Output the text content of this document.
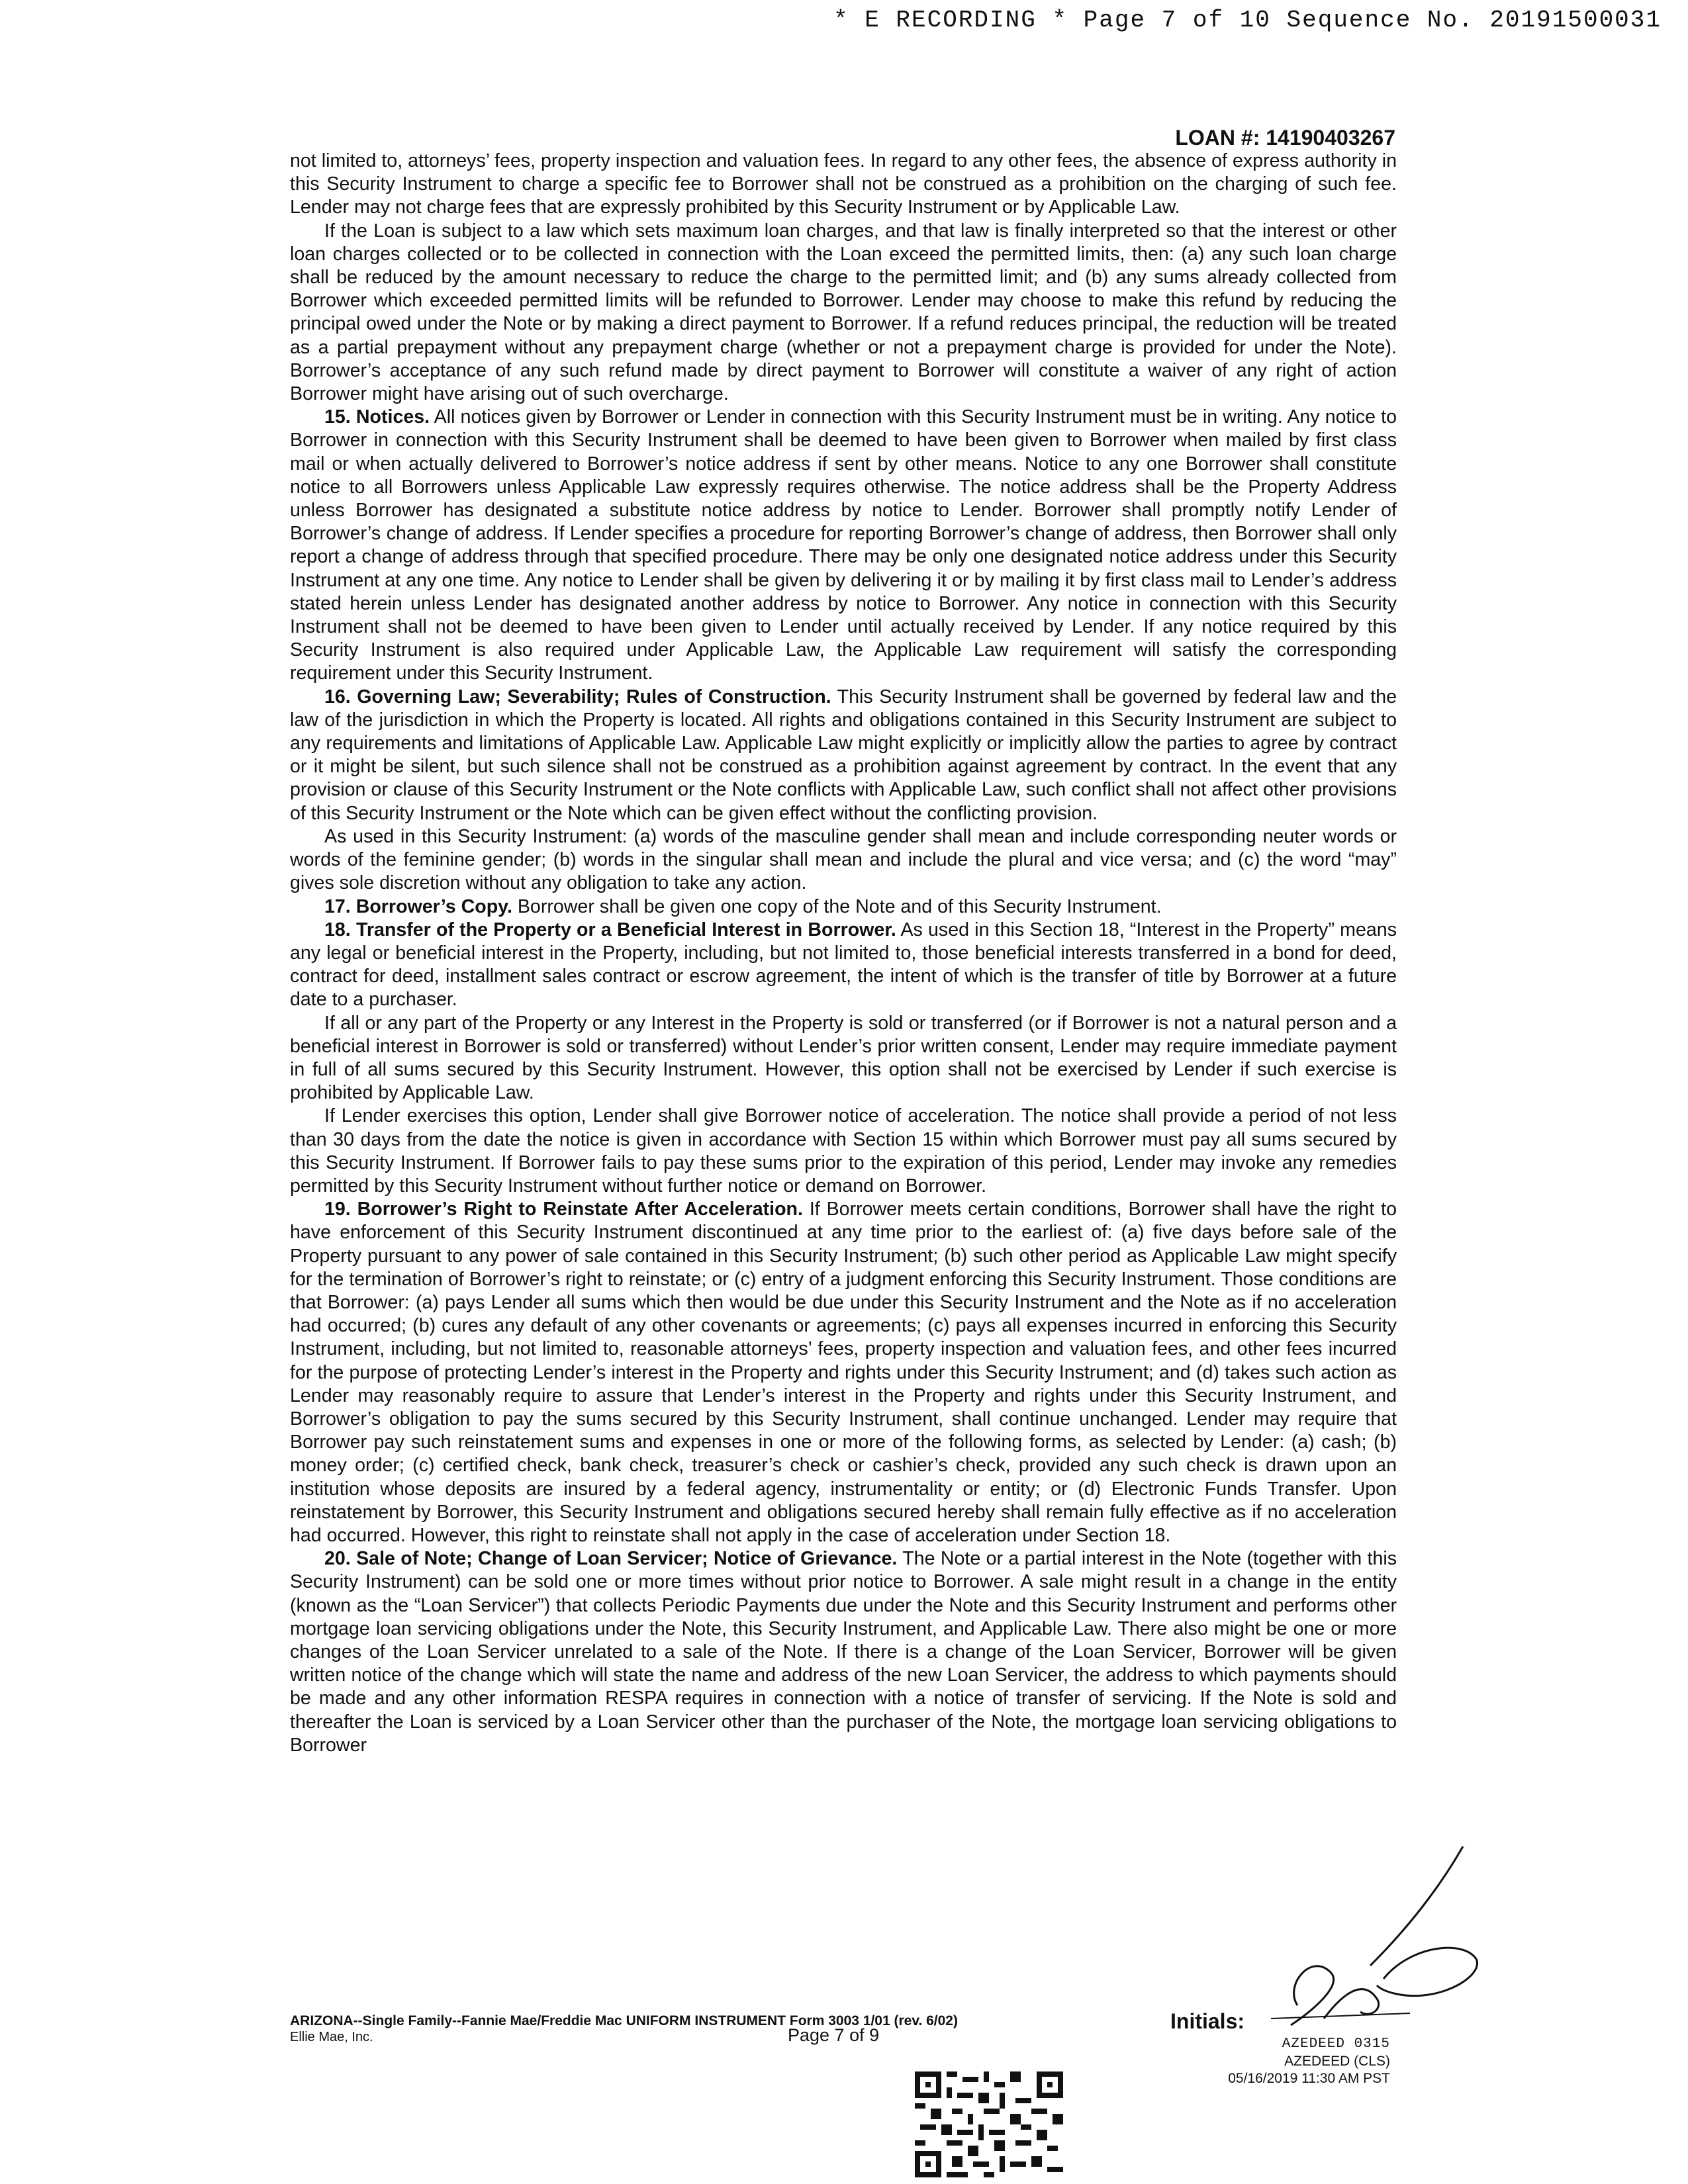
* E RECORDING * Page 7 of 10 Sequence No. 20191500031
LOAN #: 14190403267

not limited to, attorneys’ fees, property inspection and valuation fees. In regard to any other fees, the absence of express authority in this Security Instrument to charge a specific fee to Borrower shall not be construed as a prohibition on the charging of such fee. Lender may not charge fees that are expressly prohibited by this Security Instrument or by Applicable Law.

If the Loan is subject to a law which sets maximum loan charges, and that law is finally interpreted so that the interest or other loan charges collected or to be collected in connection with the Loan exceed the permitted limits, then: (a) any such loan charge shall be reduced by the amount necessary to reduce the charge to the permitted limit; and (b) any sums already collected from Borrower which exceeded permitted limits will be refunded to Borrower. Lender may choose to make this refund by reducing the principal owed under the Note or by making a direct payment to Borrower. If a refund reduces principal, the reduction will be treated as a partial prepayment without any prepayment charge (whether or not a prepayment charge is provided for under the Note). Borrower’s acceptance of any such refund made by direct payment to Borrower will constitute a waiver of any right of action Borrower might have arising out of such overcharge.

15. Notices. All notices given by Borrower or Lender in connection with this Security Instrument must be in writing. Any notice to Borrower in connection with this Security Instrument shall be deemed to have been given to Borrower when mailed by first class mail or when actually delivered to Borrower’s notice address if sent by other means. Notice to any one Borrower shall constitute notice to all Borrowers unless Applicable Law expressly requires otherwise. The notice address shall be the Property Address unless Borrower has designated a substitute notice address by notice to Lender. Borrower shall promptly notify Lender of Borrower’s change of address. If Lender specifies a procedure for reporting Borrower’s change of address, then Borrower shall only report a change of address through that specified procedure. There may be only one designated notice address under this Security Instrument at any one time. Any notice to Lender shall be given by delivering it or by mailing it by first class mail to Lender’s address stated herein unless Lender has designated another address by notice to Borrower. Any notice in connection with this Security Instrument shall not be deemed to have been given to Lender until actually received by Lender. If any notice required by this Security Instrument is also required under Applicable Law, the Applicable Law requirement will satisfy the corresponding requirement under this Security Instrument.

16. Governing Law; Severability; Rules of Construction. This Security Instrument shall be governed by federal law and the law of the jurisdiction in which the Property is located. All rights and obligations contained in this Security Instrument are subject to any requirements and limitations of Applicable Law. Applicable Law might explicitly or implicitly allow the parties to agree by contract or it might be silent, but such silence shall not be construed as a prohibition against agreement by contract. In the event that any provision or clause of this Security Instrument or the Note conflicts with Applicable Law, such conflict shall not affect other provisions of this Security Instrument or the Note which can be given effect without the conflicting provision.

As used in this Security Instrument: (a) words of the masculine gender shall mean and include corresponding neuter words or words of the feminine gender; (b) words in the singular shall mean and include the plural and vice versa; and (c) the word “may” gives sole discretion without any obligation to take any action.

17. Borrower’s Copy. Borrower shall be given one copy of the Note and of this Security Instrument.

18. Transfer of the Property or a Beneficial Interest in Borrower. As used in this Section 18, “Interest in the Property” means any legal or beneficial interest in the Property, including, but not limited to, those beneficial interests transferred in a bond for deed, contract for deed, installment sales contract or escrow agreement, the intent of which is the transfer of title by Borrower at a future date to a purchaser.

If all or any part of the Property or any Interest in the Property is sold or transferred (or if Borrower is not a natural person and a beneficial interest in Borrower is sold or transferred) without Lender’s prior written consent, Lender may require immediate payment in full of all sums secured by this Security Instrument. However, this option shall not be exercised by Lender if such exercise is prohibited by Applicable Law.

If Lender exercises this option, Lender shall give Borrower notice of acceleration. The notice shall provide a period of not less than 30 days from the date the notice is given in accordance with Section 15 within which Borrower must pay all sums secured by this Security Instrument. If Borrower fails to pay these sums prior to the expiration of this period, Lender may invoke any remedies permitted by this Security Instrument without further notice or demand on Borrower.

19. Borrower’s Right to Reinstate After Acceleration. If Borrower meets certain conditions, Borrower shall have the right to have enforcement of this Security Instrument discontinued at any time prior to the earliest of: (a) five days before sale of the Property pursuant to any power of sale contained in this Security Instrument; (b) such other period as Applicable Law might specify for the termination of Borrower’s right to reinstate; or (c) entry of a judgment enforcing this Security Instrument. Those conditions are that Borrower: (a) pays Lender all sums which then would be due under this Security Instrument and the Note as if no acceleration had occurred; (b) cures any default of any other covenants or agreements; (c) pays all expenses incurred in enforcing this Security Instrument, including, but not limited to, reasonable attorneys’ fees, property inspection and valuation fees, and other fees incurred for the purpose of protecting Lender’s interest in the Property and rights under this Security Instrument; and (d) takes such action as Lender may reasonably require to assure that Lender’s interest in the Property and rights under this Security Instrument, and Borrower’s obligation to pay the sums secured by this Security Instrument, shall continue unchanged. Lender may require that Borrower pay such reinstatement sums and expenses in one or more of the following forms, as selected by Lender: (a) cash; (b) money order; (c) certified check, bank check, treasurer’s check or cashier’s check, provided any such check is drawn upon an institution whose deposits are insured by a federal agency, instrumentality or entity; or (d) Electronic Funds Transfer. Upon reinstatement by Borrower, this Security Instrument and obligations secured hereby shall remain fully effective as if no acceleration had occurred. However, this right to reinstate shall not apply in the case of acceleration under Section 18.

20. Sale of Note; Change of Loan Servicer; Notice of Grievance. The Note or a partial interest in the Note (together with this Security Instrument) can be sold one or more times without prior notice to Borrower. A sale might result in a change in the entity (known as the “Loan Servicer”) that collects Periodic Payments due under the Note and this Security Instrument and performs other mortgage loan servicing obligations under the Note, this Security Instrument, and Applicable Law. There also might be one or more changes of the Loan Servicer unrelated to a sale of the Note. If there is a change of the Loan Servicer, Borrower will be given written notice of the change which will state the name and address of the new Loan Servicer, the address to which payments should be made and any other information RESPA requires in connection with a notice of transfer of servicing. If the Note is sold and thereafter the Loan is serviced by a Loan Servicer other than the purchaser of the Note, the mortgage loan servicing obligations to Borrower

ARIZONA--Single Family--Fannie Mae/Freddie Mac UNIFORM INSTRUMENT Form 3003 1/01 (rev. 6/02)
Ellie Mae, Inc.	Page 7 of 9
Initials:
AZEDEED 0315
AZEDEED (CLS)
05/16/2019 11:30 AM PST
